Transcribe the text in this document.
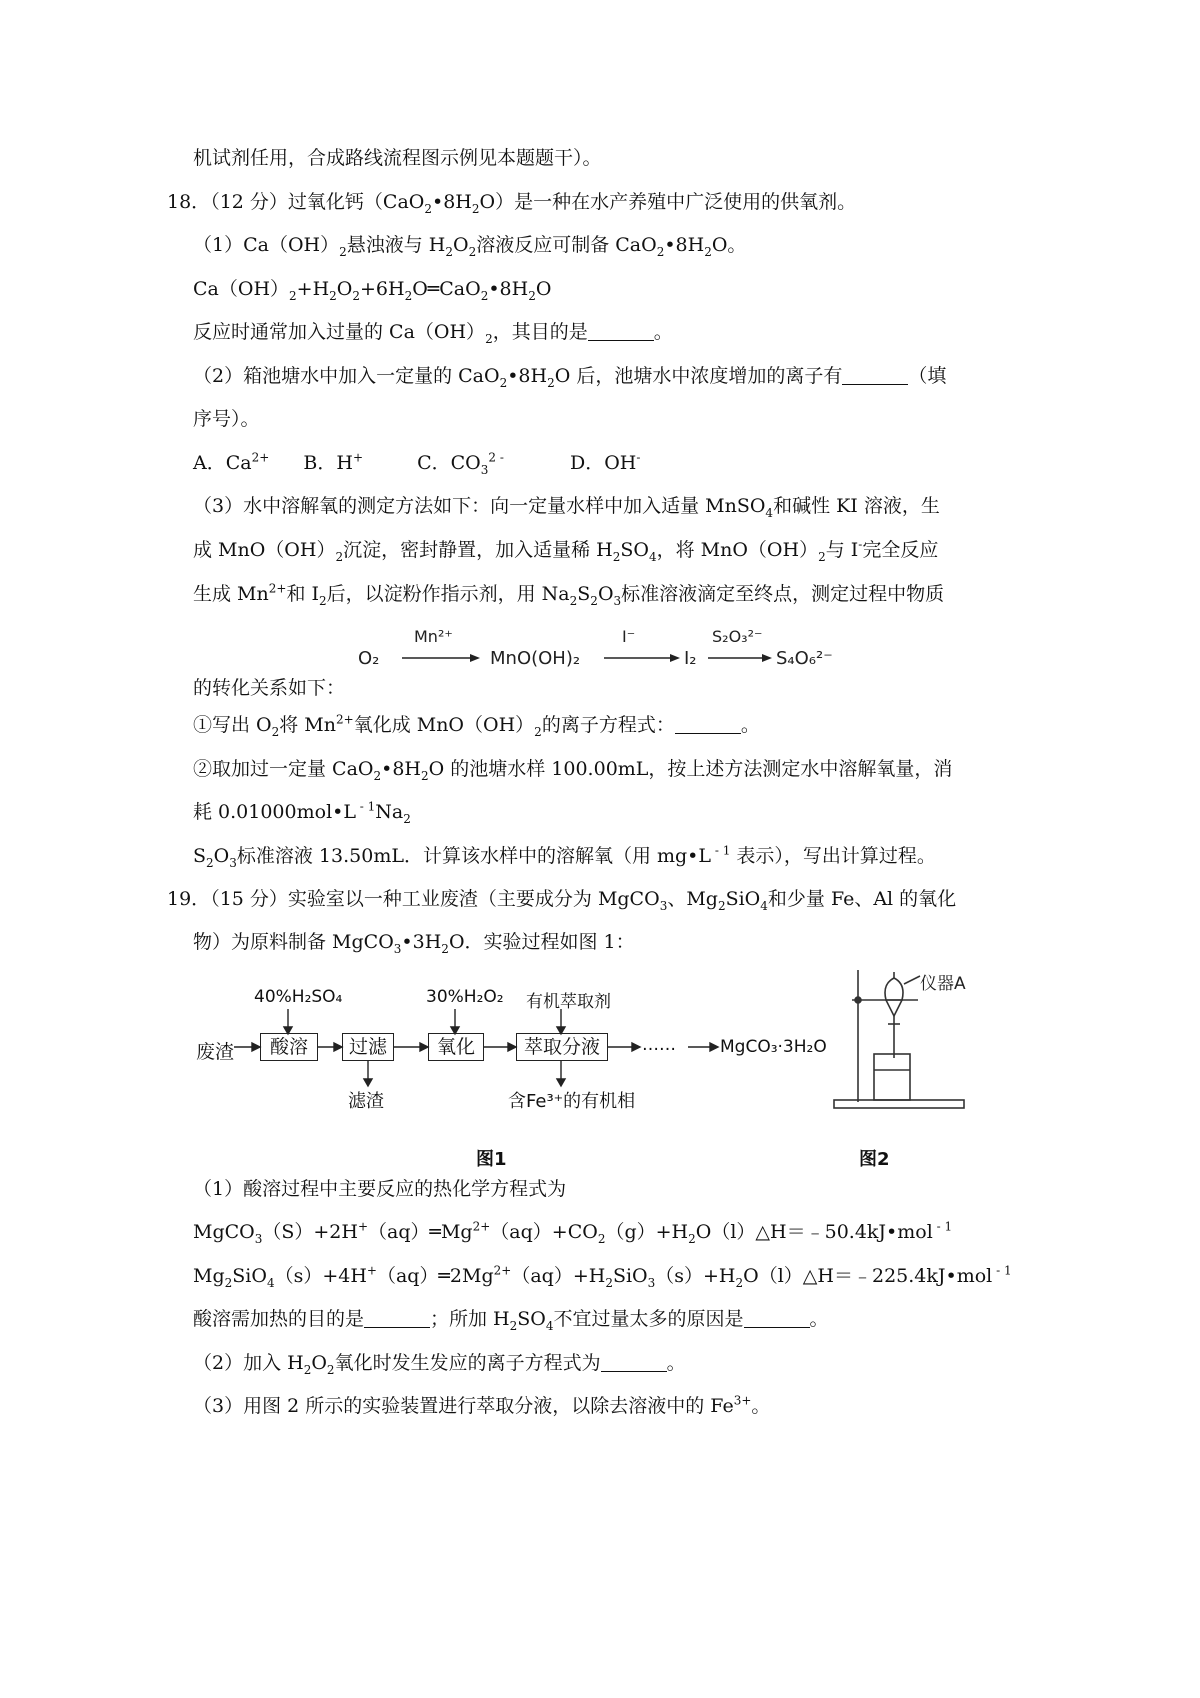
机试剂任用，合成路线流程图示例见本题题干）。
18．（12 分）过氧化钙$(CaO_2•8H_2O)$是一种在水产养殖中广泛使用的供氧剂。
$(1)Ca(OH)_2$悬浊液与 $H_2O_2$溶液反应可制备 $CaO_2•8H_2O$。
$Ca(OH)_2+H_2O_2+6H_2O═CaO_2•8H_2O$
反应时通常加入过量的 $Ca(OH)_2$，其目的是	。
（2）箱池塘水中加入一定量的 $CaO_2•8H_2O$ 后，池塘水中浓度增加的离子有	（填
序号）。
A．$Ca^{2+}$ B．H+	C．$CO_3^{2 -}$	D．OH-
（3）水中溶解氧的测定方法如下：向一定量水样中加入适量 MnSO$_4$和碱性 KI 溶液，生
成 $MnO(OH)_2$沉淀，密封静置，加入适量稀 $H_2SO_4$，将 $MnO(OH)_2$与 I-完全反应
生成 $Mn^{2+}$和 $I_2$后，以淀粉作指示剂，用 $Na_2S_2O_3$标准溶液滴定至终点，测定过程中物质
O₂
Mn²⁺
MnO(OH)₂
I⁻
I₂
S₂O₃²⁻
S₄O₆²⁻
的转化关系如下：
①写出 $O_2$将 $Mn^{2+}$氧化成 $MnO(OH)_2$的离子方程式：	。
②取加过一定量 $CaO_2•8H_2O$ 的池塘水样 100.00mL，按上述方法测定水中溶解氧量，消
耗 0.01000mol•L $^{- 1}Na_2$
$S_2O_3$标准溶液 13.50mL．计算该水样中的溶解氧（用 mg•L $^{- 1}$ 表示），写出计算过程。
19．（15 分）实验室以一种工业废渣（主要成分为 MgCO$_3$、$Mg_2SiO_4$和少量 Fe、Al 的氧化
物）为原料制备 $MgCO_3•3H_2O$．实验过程如图 1：
40%H₂SO₄	30%H₂O₂ 有机萃取剂
废渣	酸溶	过滤	氧化	萃取分液	……	MgCO₃·3H₂O
滤渣	含Fe³⁺的有机相
仪器A
图1	图2
（1）酸溶过程中主要反应的热化学方程式为
$MgCO_3(S)+2H^+(aq)═Mg^{2+}(aq)+CO_2(g)+H_2O(l)\triangle H=﹣50.4kJ•mol$ $^{- 1}$
$Mg_2SiO_4(s)+4H^+(aq)═2Mg^{2+}(aq)+H_2SiO_3(s)+H_2O(l)\triangle H=﹣225.4kJ•mol$ $^{- 1}$
酸溶需加热的目的是	；所加 $H_2SO_4$不宜过量太多的原因是	。
（2）加入 $H_2O_2$氧化时发生发应的离子方程式为	。
（3）用图 2 所示的实验装置进行萃取分液，以除去溶液中的 $Fe^{3+}$。
